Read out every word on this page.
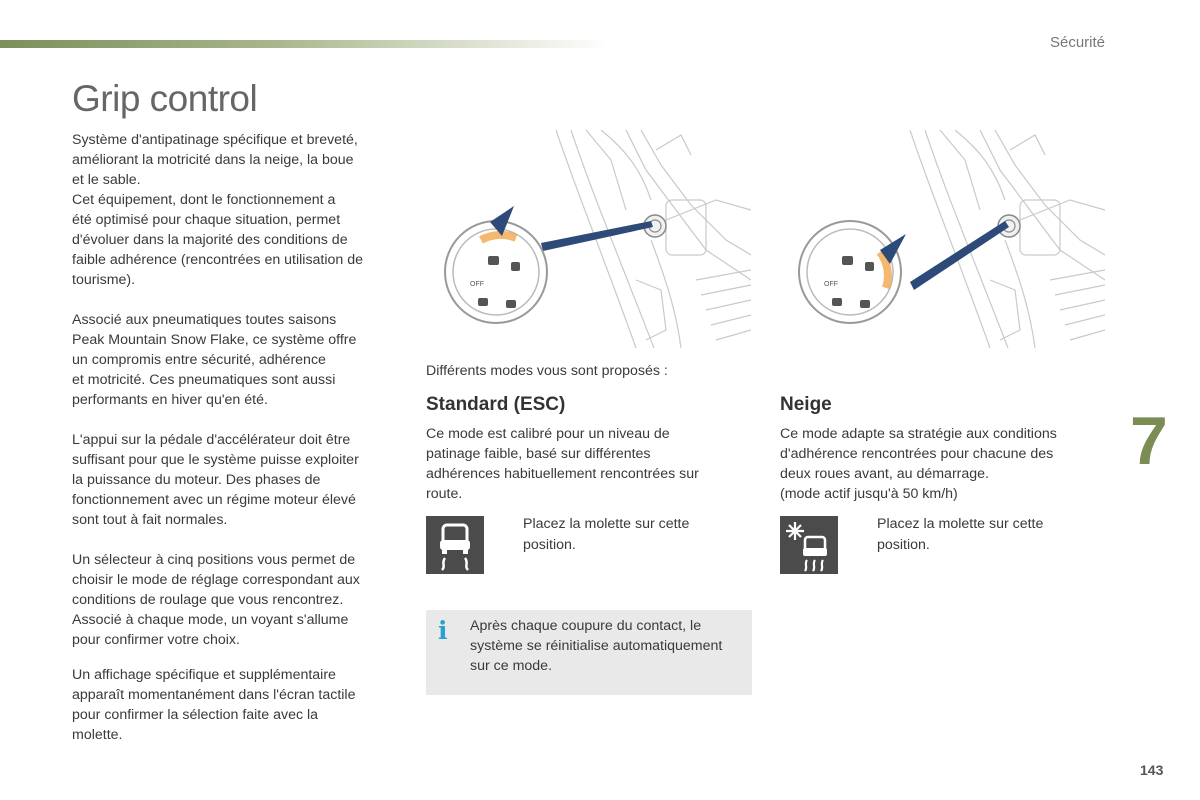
Sécurité
Grip control

Système d'antipatinage spécifique et breveté,
améliorant la motricité dans la neige, la boue
et le sable.
Cet équipement, dont le fonctionnement a
été optimisé pour chaque situation, permet
d'évoluer dans la majorité des conditions de
faible adhérence (rencontrées en utilisation de
tourisme).

Associé aux pneumatiques toutes saisons
Peak Mountain Snow Flake, ce système offre
un compromis entre sécurité, adhérence
et motricité. Ces pneumatiques sont aussi
performants en hiver qu'en été.

L'appui sur la pédale d'accélérateur doit être
suffisant pour que le système puisse exploiter
la puissance du moteur. Des phases de
fonctionnement avec un régime moteur élevé
sont tout à fait normales.

Un sélecteur à cinq positions vous permet de
choisir le mode de réglage correspondant aux
conditions de roulage que vous rencontrez.
Associé à chaque mode, un voyant s'allume
pour confirmer votre choix.

Un affichage spécifique et supplémentaire
apparaît momentanément dans l'écran tactile
pour confirmer la sélection faite avec la
molette.

OFF	OFF
Différents modes vous sont proposés :
Standard (ESC)

Ce mode est calibré pour un niveau de
patinage faible, basé sur différentes
adhérences habituellement rencontrées sur
route.

Neige

Ce mode adapte sa stratégie aux conditions
d'adhérence rencontrées pour chacune des
deux roues avant, au démarrage.
(mode actif jusqu'à 50 km/h)

Placez la molette sur cette
position.
Placez la molette sur cette
position.
i Après chaque coupure du contact, le
système se réinitialise automatiquement
sur ce mode.
7
143
